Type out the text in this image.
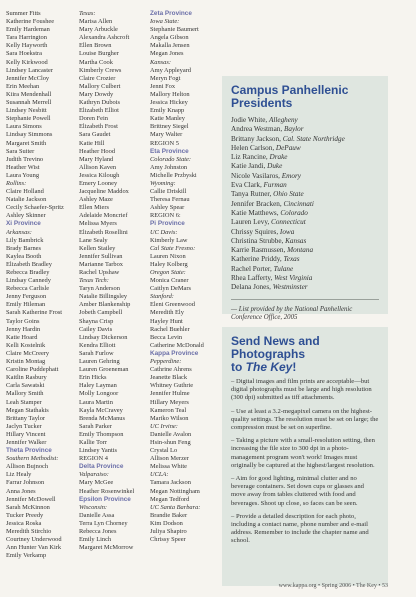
Summer Fitts
Katherine Foushee
Emily Hardeman
Tara Harrington
Kelly Hayworth
Sara Hoekstra
Kelly Kirkwood
Lindsey Lancaster
Jennifer McCloy
Erin Meehan
Kiira Mendenhall
Susannah Merrell
Lindsey Nesbitt
Stephanie Powell
Laura Simons
Lindsay Simmons
Margaret Smith
Sara Suiter
Judith Trevino
Heather Wist
Laura Young
Rollins:
Claire Holland
Natalie Jackson
Cecily Schaefer-Spritz
Ashley Skinner
Xi Province
Arkansas:
Lily Bambrick
Brady Barnes
Kaylea Booth
Elizabeth Bradley
Rebecca Bradley
Lindsay Cannedy
Rebecca Carlisle
Jenny Ferguson
Emily Hileman
Sarah Katherine Frost
Taylor Goins
Jenny Hardin
Katie Hoard
Kelli Kostelnik
Claire McCreery
Kristin Montag
Caroline Puddephatt
Kaitlin Rasbury
Carla Sawatski
Mallory Smith
Leah Stamper
Megan Stathakis
Brittany Taylor
Jaclyn Tucker
Hillary Vincent
Jennifer Walker
Theta Province
Southern Methodist:
Allison Bujnoch
Liz Healy
Farrar Johnson
Anna Jones
Jennifer McDowell
Sarah McKinnon
Tucker Preedy
Jessica Roska
Meredith Stirchio
Courtney Underwood
Ann Hunter Van Kirk
Emily Verkamp
Texas:
Marisa Allen
Mary Arbuckle
Alexandra Ashcroft
Ellen Brown
Louise Burgher
Martha Cook
Kimberly Crews
Claire Crozier
Mallory Culbert
Mary Dowdy
Kathryn Dubois
Elizabeth Elliot
Doren Fein
Elizabeth Frost
Sara Gaudet
Katie Hill
Heather Hood
Mary Hyland
Allison Kaven
Jessica Kilough
Emery Looney
Jacqueline Maddox
Ashley Maze
Ellen Miers
Adelaide Moncrief
Melissa Myers
Elizabeth Rosellini
Lane Sealy
Kellen Stailey
Jennifer Sullivan
Marianne Tarbox
Rachel Upshaw
Texas Tech:
Taryn Anderson
Natalie Billingsley
Amber Blankenship
Jobeth Campbell
Shayna Crisp
Cailey Davis
Lindsay Dickerson
Kendra Elliott
Sarah Furlow
Lauren Gehring
Lauren Groeneman
Erin Hicks
Haley Layman
Molly Longoor
Laura Martin
Kayla McCravey
Brenda McManus
Sarah Parker
Emily Thompson
Kallie Torr
Lindsey Yantis
REGION 4
Delta Province
Valparaiso:
Mary McGee
Heather Rosenwinkel
Epsilon Province
Wisconsin:
Danielle Assa
Terra Lyn Chorney
Rebecca Jones
Emily Linch
Margaret McMorrow
Zeta Province
Iowa State:
Stephanie Baumert
Angela Gibson
Makalla Jensen
Megan Jones
Kansas:
Amy Appleyard
Meryn Fogt
Jenni Fox
Mallory Helton
Jessica Hickey
Emily Knapp
Katie Manley
Brittney Siegel
Mary Walter
REGION 5
Eta Province
Colorado State:
Amy Johnston
Michelle Przbyski
Wyoming:
Callie Driskill
Theresa Fernau
Ashley Spear
REGION 6:
Pi Province
UC Davis:
Kimberly Law
Cal State Fresno:
Lauren Nixon
Haley Kolberg
Oregon State:
Monica Craner
Caitlyn DeMars
Stanford:
Eleni Greenwood
Meredith Ely
Hayley Hunt
Rachel Buehler
Becca Levin
Catherine McDonald
Kappa Province
Pepperdine:
Cathrine Ahrens
Jeanette Black
Whitney Guthrie
Jennifer Hulme
Hillary Meyers
Kameron Teal
Mariko Wilson
UC Irvine:
Danielle Avalon
Hsin-shun Feng
Crystal Lo
Allison Merzer
Melissa White
UCLA:
Tamara Jackson
Megan Nottingham
Megan Tedford
UC Santa Barbara:
Brandie Baker
Kim Dodson
Juliya Shapiro
Chrissy Speer
Campus Panhellenic Presidents
Jodie White, Allegheny
Andrea Westman, Baylor
Brittany Jackson, Cal. State Northridge
Helen Carlson, DePauw
Liz Rancine, Drake
Katie Jandi, Duke
Nicole Vasilaros, Emory
Eva Clark, Furman
Tanya Rutner, Ohio State
Jennifer Bracken, Cincinnati
Katie Matthews, Colorado
Lauren Levy, Connecticut
Chrissy Squires, Iowa
Christina Strubbe, Kansas
Karrie Rasmussen, Montana
Katherine Priddy, Texas
Rachel Porter, Tulane
Rhea Lafferty, West Virginia
Delana Jones, Westminster
— List provided by the National Panhellenic Conference Office, 2005
Send News and Photographs
to The Key!

– Digital images and film prints are acceptable—but digital photographs must be large and high resolution (300 dpi) submitted as tiff attachments.

– Use at least a 3.2-megapixel camera on the highest-quality settings. The resolution must be set on large; the compression must be set on superfine.

– Taking a picture with a small-resolution setting, then increasing the file size to 300 dpi in a photo-management program won't work! Images must originally be captured at the highest/largest resolution.

– Aim for good lighting, minimal clutter and no beverage containers. Set down cups or glasses and move away from tables cluttered with food and beverages. Shoot up close, so faces can be seen.

– Provide a detailed description for each photo, including a contact name, phone number and e-mail address. Remember to include the chapter name and school.

www.kappa.org • Spring 2006 • The Key • 53
